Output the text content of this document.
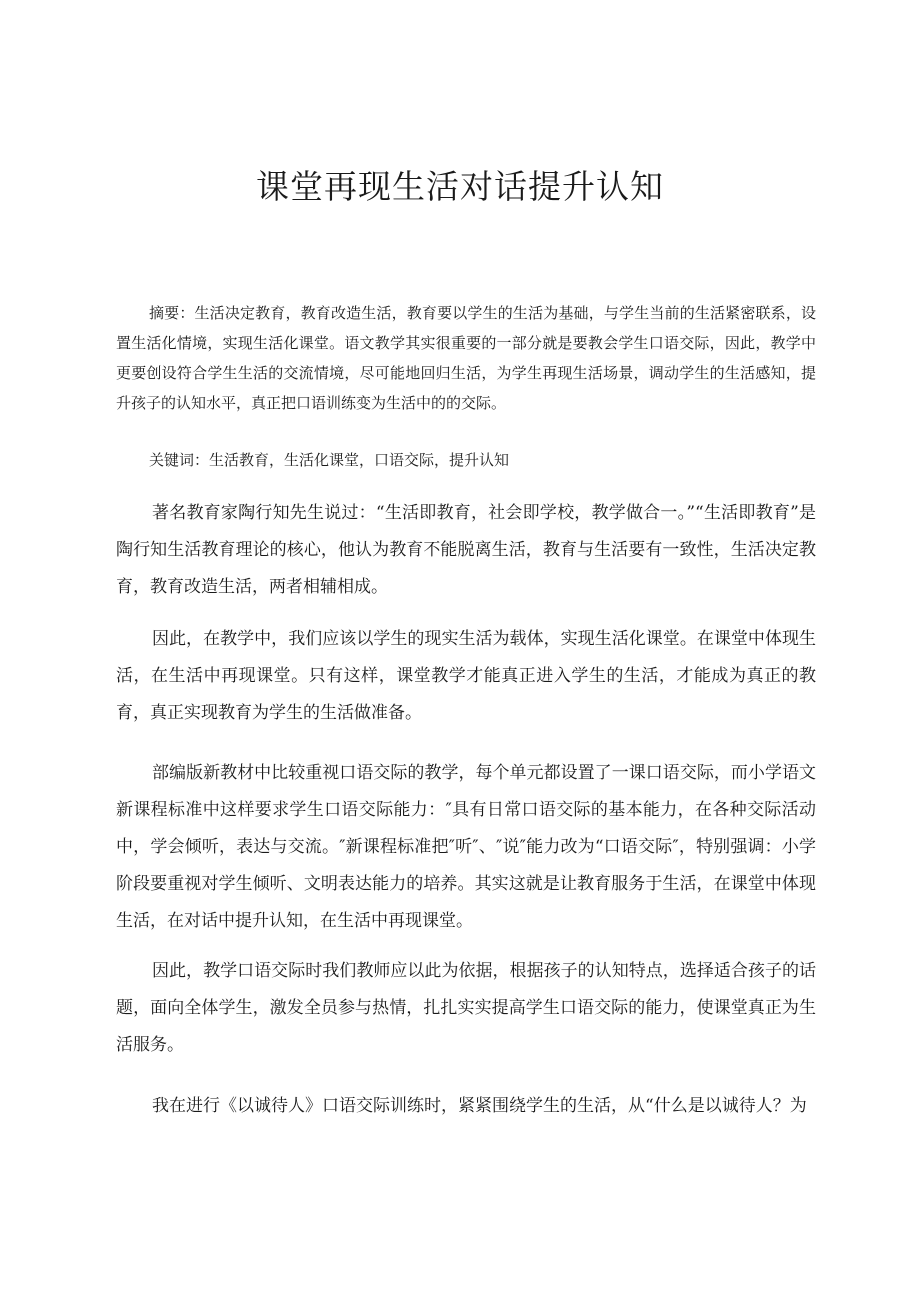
课堂再现生活对话提升认知

摘要：生活决定教育，教育改造生活，教育要以学生的生活为基础，与学生当前的生活紧密联系，设置生活化情境，实现生活化课堂。语文教学其实很重要的一部分就是要教会学生口语交际，因此，教学中更要创设符合学生生活的交流情境，尽可能地回归生活，为学生再现生活场景，调动学生的生活感知，提升孩子的认知水平，真正把口语训练变为生活中的的交际。

关键词：生活教育，生活化课堂，口语交际，提升认知

著名教育家陶行知先生说过：“生活即教育，社会即学校，教学做合一。”“生活即教育”是陶行知生活教育理论的核心，他认为教育不能脱离生活，教育与生活要有一致性，生活决定教育，教育改造生活，两者相辅相成。

因此，在教学中，我们应该以学生的现实生活为载体，实现生活化课堂。在课堂中体现生活，在生活中再现课堂。只有这样，课堂教学才能真正进入学生的生活，才能成为真正的教育，真正实现教育为学生的生活做准备。

部编版新教材中比较重视口语交际的教学，每个单元都设置了一课口语交际，而小学语文新课程标准中这样要求学生口语交际能力：″具有日常口语交际的基本能力，在各种交际活动中，学会倾听，表达与交流。″新课程标准把″听″、″说″能力改为“口语交际″，特别强调：小学阶段要重视对学生倾听、文明表达能力的培养。其实这就是让教育服务于生活，在课堂中体现生活，在对话中提升认知，在生活中再现课堂。

因此，教学口语交际时我们教师应以此为依据，根据孩子的认知特点，选择适合孩子的话题，面向全体学生，激发全员参与热情，扎扎实实提高学生口语交际的能力，使课堂真正为生活服务。

我在进行《以诚待人》口语交际训练时，紧紧围绕学生的生活，从“什么是以诚待人？为
